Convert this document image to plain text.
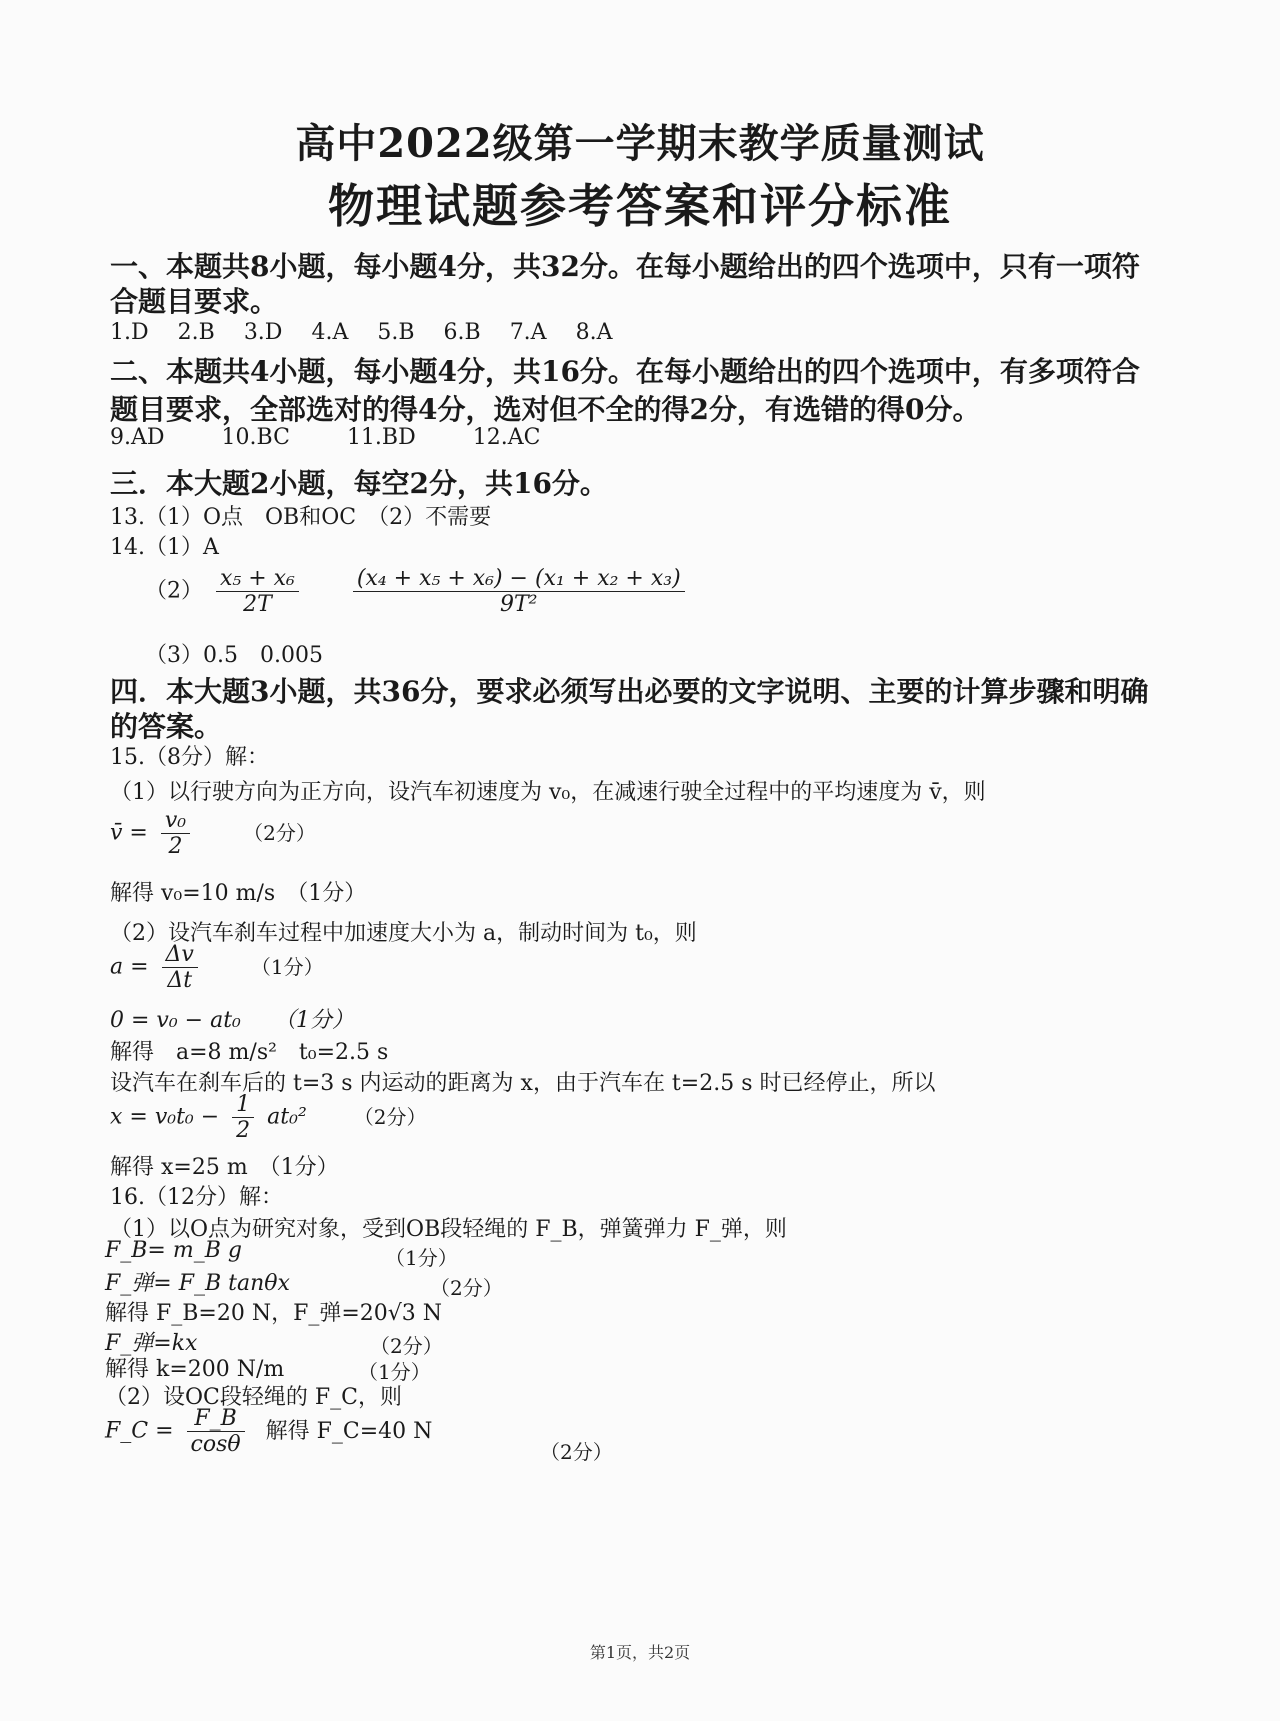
高中2022级第一学期末教学质量测试
物理试题参考答案和评分标准
一、本题共8小题，每小题4分，共32分。在每小题给出的四个选项中，只有一项符
合题目要求。
1.D 2.B 3.D 4.A 5.B 6.B 7.A 8.A
二、本题共4小题，每小题4分，共16分。在每小题给出的四个选项中，有多项符合
题目要求，全部选对的得4分，选对但不全的得2分，有选错的得0分。
9.AD	10.BC	11.BD	12.AC
三．本大题2小题，每空2分，共16分。
13.（1）O点　OB和OC　（2）不需要
14.（1）A
$(2) \frac{\text{x₅ + x₆}}{2T}$
$\frac{\text{(x₄ + x₅ + x₆) − (x₁ + x₂ + x₃)}}{\text{9T²}}$
（3）0.5　0.005
四．本大题3小题，共36分，要求必须写出必要的文字说明、主要的计算步骤和明确
的答案。
15.（8分）解：
（1）以行驶方向为正方向，设汽车初速度为 v₀，在减速行驶全过程中的平均速度为 v̄，则
v̄ = $\frac{\text{v₀}}{2}$	（2分）
解得 v₀=10 m/s　（1分）
（2）设汽车刹车过程中加速度大小为 a，制动时间为 t₀，则
$a = \frac{\Delta v}{\Delta t}$	（1分）
0 = v₀ − at₀　　（1分）
解得　a=8 m/s²　t₀=2.5 s
设汽车在刹车后的 t=3 s 内运动的距离为 x，由于汽车在 t=2.5 s 时已经停止，所以
$x = v_0t_0 - \frac{1}{2} at_0^2$ （2分）
解得 x=25 m　（1分）
16.（12分）解：
（1）以O点为研究对象，受到OB段轻绳的 F_B，弹簧弹力 F_弹，则
F_B= m_B g	（1分）
F_弹= F_B tanθx	（2分）
解得 F_B=20 N，F_弹=20√3 N
F_弹=kx	（2分）
解得 k=200 N/m	（1分）
（2）设OC段轻绳的 F_C，则
F_C = $\frac{F\_B}{\cos\theta}$ 解得 F_C=40 N
（2分）
第1页，共2页
